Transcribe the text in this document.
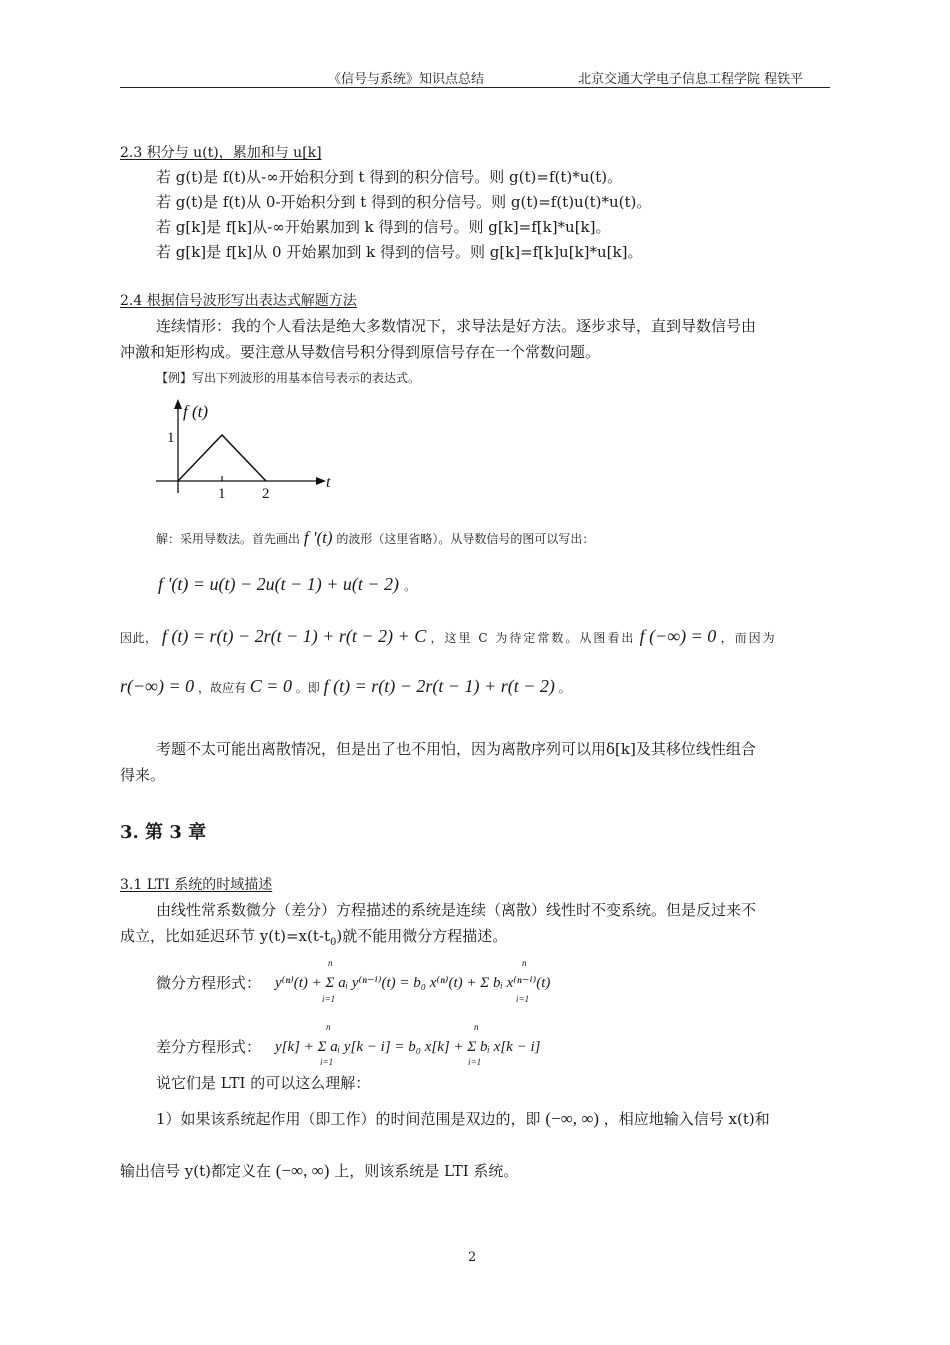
《信号与系统》知识点总结	北京交通大学电子信息工程学院 程铁平
2.3 积分与 u(t)，累加和与 u[k]
若 g(t)是 f(t)从-∞开始积分到 t 得到的积分信号。则 g(t)=f(t)*u(t)。
若 g(t)是 f(t)从 0-开始积分到 t 得到的积分信号。则 g(t)=f(t)u(t)*u(t)。
若 g[k]是 f[k]从-∞开始累加到 k 得到的信号。则 g[k]=f[k]*u[k]。
若 g[k]是 f[k]从 0 开始累加到 k 得到的信号。则 g[k]=f[k]u[k]*u[k]。
2.4 根据信号波形写出表达式解题方法
连续情形：我的个人看法是绝大多数情况下，求导法是好方法。逐步求导，直到导数信号由
冲激和矩形构成。要注意从导数信号积分得到原信号存在一个常数问题。
【例】写出下列波形的用基本信号表示的表达式。
f (t)
t
1
1 2
解：采用导数法。首先画出 f '(t) 的波形（这里省略）。从导数信号的图可以写出：
f '(t) = u(t) − 2u(t − 1) + u(t − 2) 。
因此， f (t) = r(t) − 2r(t − 1) + r(t − 2) + C ，这里 C 为待定常数。从图看出 f (−∞) = 0 ，而因为
r(−∞) = 0 ，故应有 C = 0 。即 f (t) = r(t) − 2r(t − 1) + r(t − 2) 。
考题不太可能出离散情况，但是出了也不用怕，因为离散序列可以用δ[k]及其移位线性组合
得来。
3. 第 3 章
3.1 LTI 系统的时域描述
由线性常系数微分（差分）方程描述的系统是连续（离散）线性时不变系统。但是反过来不
成立，比如延迟环节 $y(t)=x(t-t_0)$就不能用微分方程描述。
微分方程形式： y⁽ⁿ⁾(t) + Σ aᵢ y⁽ⁿ⁻ⁱ⁾(t) = b₀ x⁽ⁿ⁾(t) + Σ bᵢ x⁽ⁿ⁻ⁱ⁾(t)
n
i=1
n
i=1
差分方程形式： y[k] + Σ aᵢ y[k − i] = b₀ x[k] + Σ bᵢ x[k − i]
n
i=1
n
i=1
说它们是 LTI 的可以这么理解：
1）如果该系统起作用（即工作）的时间范围是双边的，即 (−∞, ∞) ，相应地输入信号 x(t)和
输出信号 y(t)都定义在 (−∞, ∞) 上，则该系统是 LTI 系统。
2
